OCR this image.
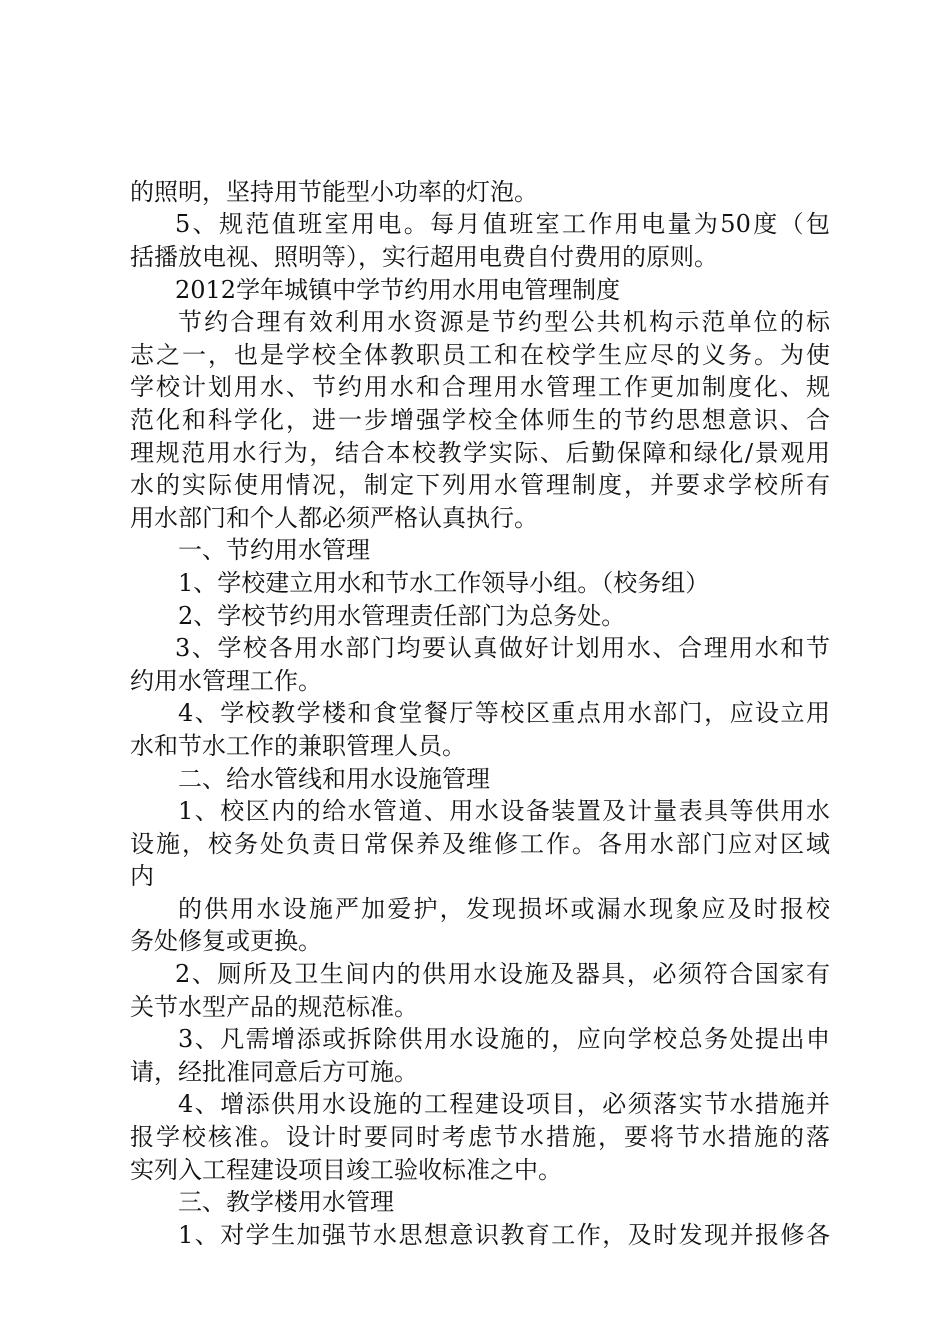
的照明，坚持用节能型小功率的灯泡。
5、规范值班室用电。每月值班室工作用电量为50度（包
括播放电视、照明等），实行超用电费自付费用的原则。
2012学年城镇中学节约用水用电管理制度
节约合理有效利用水资源是节约型公共机构示范单位的标
志之一，也是学校全体教职员工和在校学生应尽的义务。为使
学校计划用水、节约用水和合理用水管理工作更加制度化、规
范化和科学化，进一步增强学校全体师生的节约思想意识、合
理规范用水行为，结合本校教学实际、后勤保障和绿化/景观用
水的实际使用情况，制定下列用水管理制度，并要求学校所有
用水部门和个人都必须严格认真执行。
一、节约用水管理
1、学校建立用水和节水工作领导小组。（校务组）
2、学校节约用水管理责任部门为总务处。
3、学校各用水部门均要认真做好计划用水、合理用水和节
约用水管理工作。
4、学校教学楼和食堂餐厅等校区重点用水部门，应设立用
水和节水工作的兼职管理人员。
二、给水管线和用水设施管理
1、校区内的给水管道、用水设备装置及计量表具等供用水
设施，校务处负责日常保养及维修工作。各用水部门应对区域
内
的供用水设施严加爱护，发现损坏或漏水现象应及时报校
务处修复或更换。
2、厕所及卫生间内的供用水设施及器具，必须符合国家有
关节水型产品的规范标准。
3、凡需增添或拆除供用水设施的，应向学校总务处提出申
请，经批准同意后方可施。
4、增添供用水设施的工程建设项目，必须落实节水措施并
报学校核准。设计时要同时考虑节水措施，要将节水措施的落
实列入工程建设项目竣工验收标准之中。
三、教学楼用水管理
1、对学生加强节水思想意识教育工作，及时发现并报修各
